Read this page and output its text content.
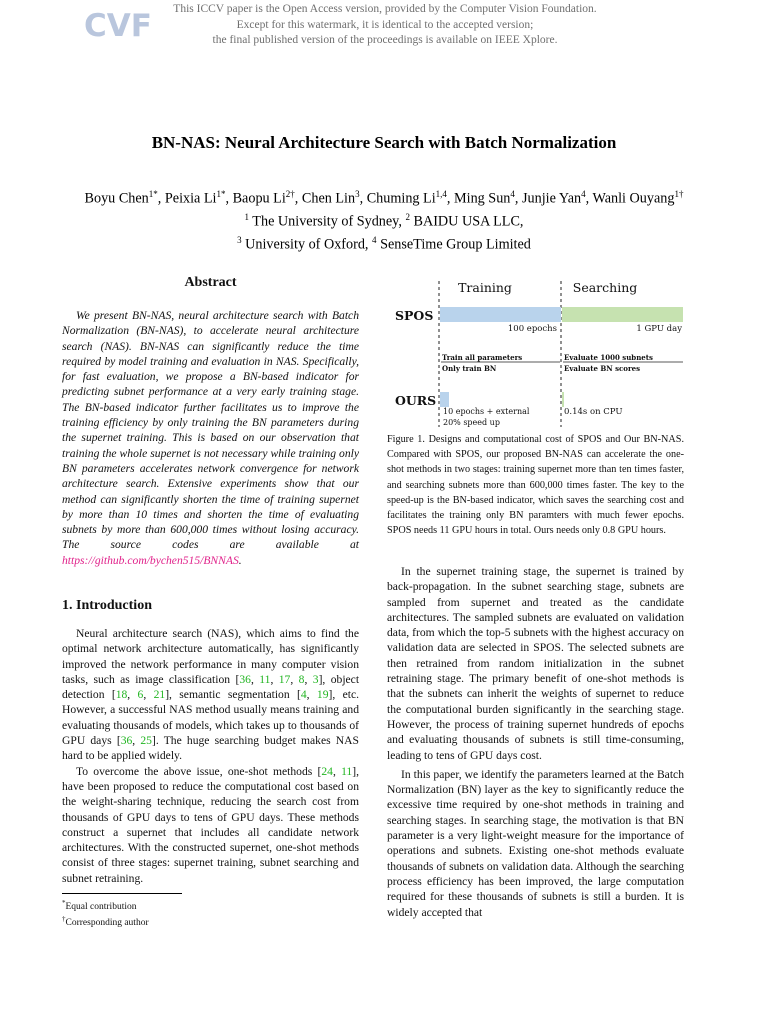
CVF	This ICCV paper is the Open Access version, provided by the Computer Vision Foundation.
Except for this watermark, it is identical to the accepted version;
the final published version of the proceedings is available on IEEE Xplore.
BN-NAS: Neural Architecture Search with Batch Normalization
Boyu Chen$^{1*}$, Peixia $Li^{1*}$, Baopu $Li^{2\dagger}$, Chen Lin$^3$, Chuming Li$^{1,4}$, Ming Sun$^4$, Junjie Yan$^4$, Wanli Ouyang$^{1\dagger}$
$^1$ The University of Sydney, $^2$ BAIDU USA LLC,
$^3$ University of Oxford, $^4$ SenseTime Group Limited
Abstract

We present BN-NAS, neural architecture search with Batch Normalization (BN-NAS), to accelerate neural architecture search (NAS). BN-NAS can significantly reduce the time required by model training and evaluation in NAS. Specifically, for fast evaluation, we propose a BN-based indicator for predicting subnet performance at a very early training stage. The BN-based indicator further facilitates us to improve the training efficiency by only training the BN parameters during the supernet training. This is based on our observation that training the whole supernet is not necessary while training only BN parameters accelerates network convergence for network architecture search. Extensive experiments show that our method can significantly shorten the time of training supernet by more than 10 times and shorten the time of evaluating subnets by more than 600,000 times without losing accuracy. The source codes are available at https://github.com/bychen515/BNNAS.

1. Introduction

Neural architecture search (NAS), which aims to find the optimal network architecture automatically, has significantly improved the network performance in many computer vision tasks, such as image classification [36, 11, 17, 8, 3], object detection [18, 6, 21], semantic segmentation [4, 19], etc. However, a successful NAS method usually means training and evaluating thousands of models, which takes up to thousands of GPU days [36, 25]. The huge searching budget makes NAS hard to be applied widely.

To overcome the above issue, one-shot methods [24, 11], have been proposed to reduce the computational cost based on the weight-sharing technique, reducing the search cost from thousands of GPU days to tens of GPU days. These methods construct a supernet that includes all candidate network architectures. With the constructed supernet, one-shot methods consist of three stages: supernet training, subnet searching and subnet retraining.

*Equal contribution
†Corresponding author
Training	Searching
SPOS
OURS
100 epochs	1 GPU day
Train all parameters
Only train BN
Evaluate 1000 subnets
Evaluate BN scores
10 epochs + external
20% speed up
0.14s on CPU
Figure 1. Designs and computational cost of SPOS and Our BN-NAS. Compared with SPOS, our proposed BN-NAS can accelerate the one-shot methods in two stages: training supernet more than ten times faster, and searching subnets more than 600,000 times faster. The key to the speed-up is the BN-based indicator, which saves the searching cost and facilitates the training only BN paramters with much fewer epochs. SPOS needs 11 GPU hours in total. Ours needs only 0.8 GPU hours.

In the supernet training stage, the supernet is trained by back-propagation. In the subnet searching stage, subnets are sampled from supernet and treated as the candidate architectures. The sampled subnets are evaluated on validation data, from which the top-5 subnets with the highest accuracy on validation data are selected in SPOS. The selected subnets are then retrained from random initialization in the subnet retraining stage. The primary benefit of one-shot methods is that the subnets can inherit the weights of supernet to reduce the computational burden significantly in the searching stage. However, the process of training supernet hundreds of epochs and evaluating thousands of subnets is still time-consuming, leading to tens of GPU days cost.

In this paper, we identify the parameters learned at the Batch Normalization (BN) layer as the key to significantly reduce the excessive time required by one-shot methods in training and searching stages. In searching stage, the motivation is that BN parameter is a very light-weight measure for the importance of operations and subnets. Existing one-shot methods evaluate thousands of subnets on validation data. Although the searching process efficiency has been improved, the large computation required for these thousands of subnets is still a burden. It is widely accepted that
